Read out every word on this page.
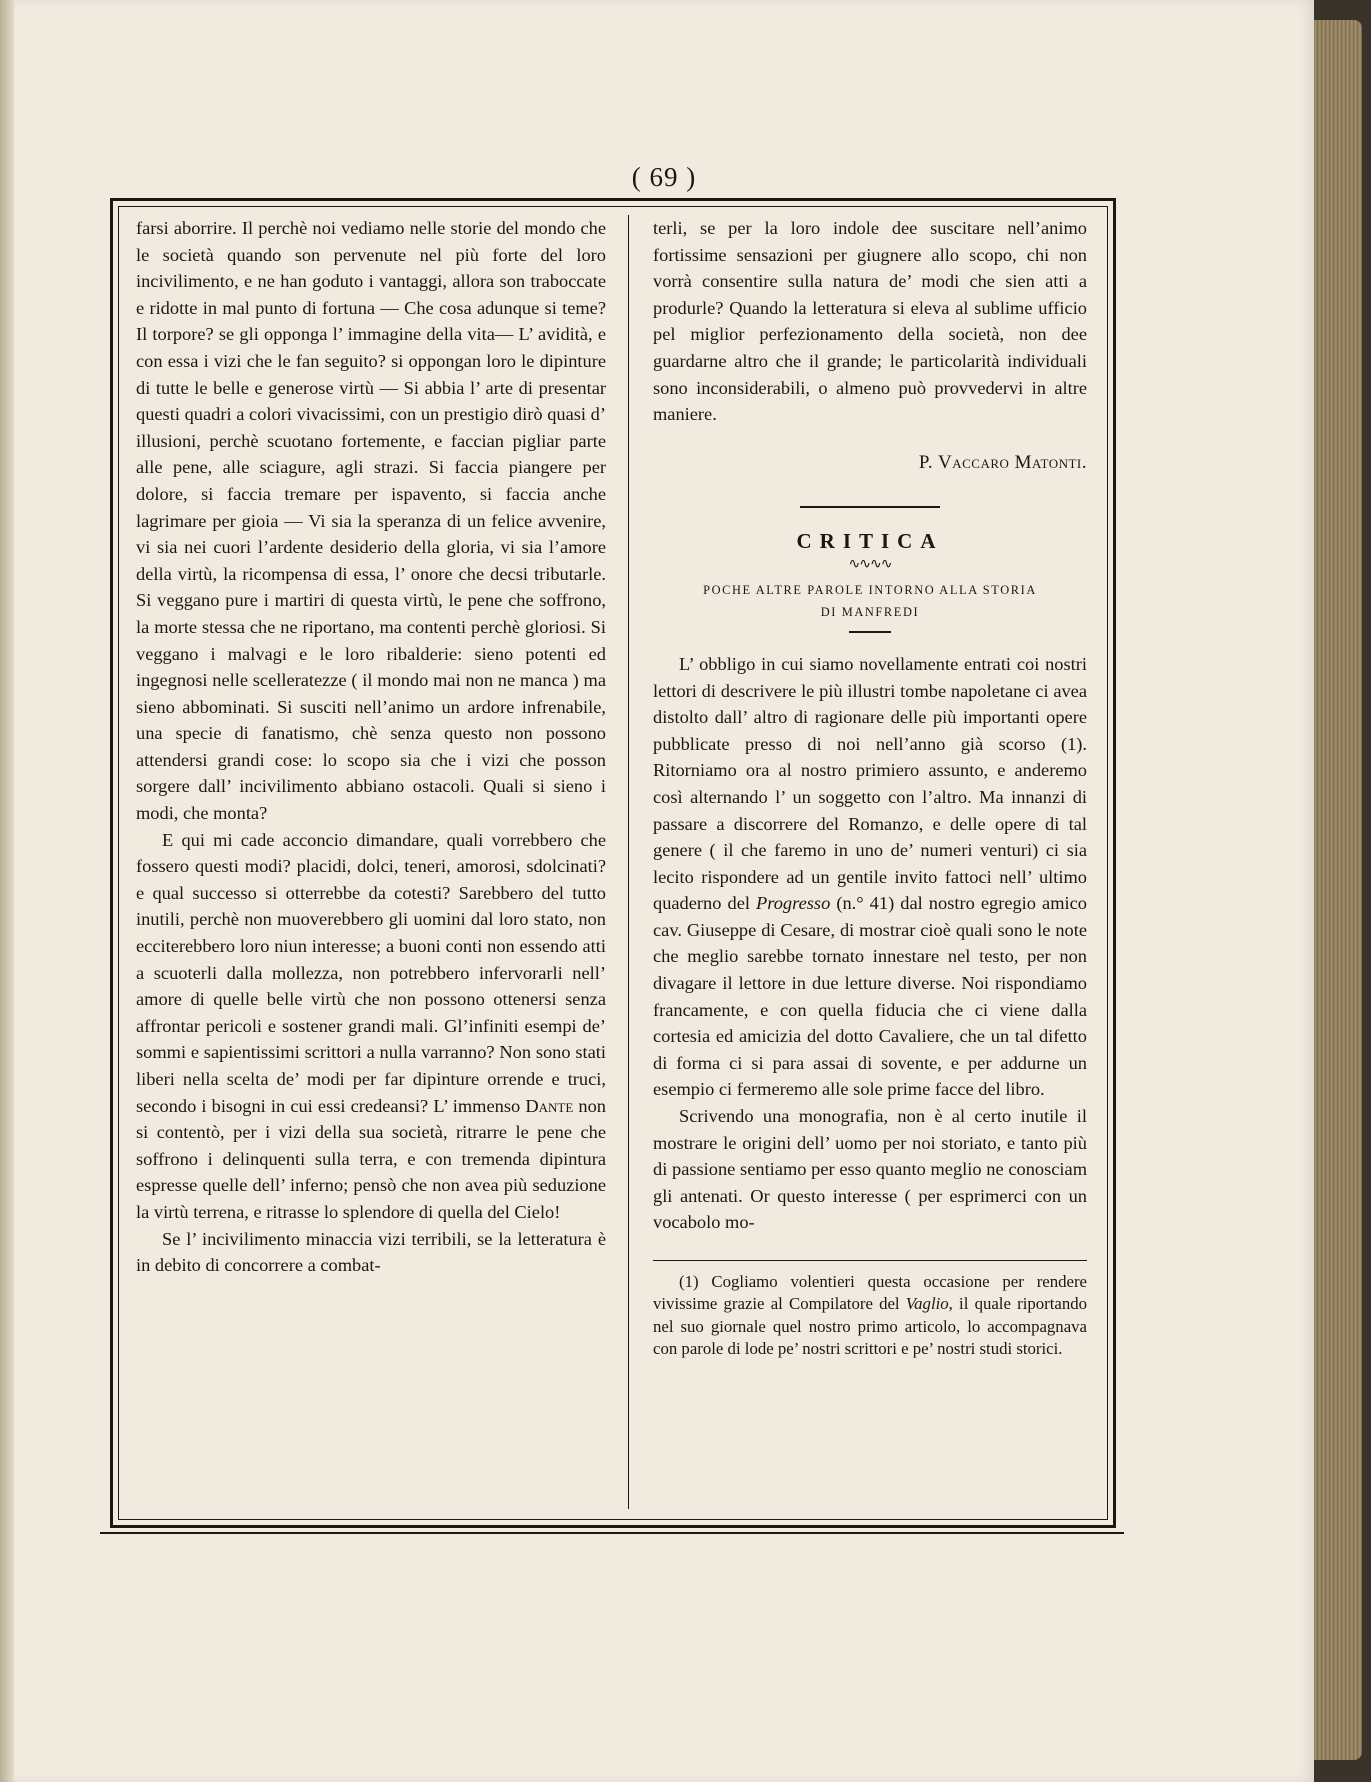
( 69 )

farsi aborrire. Il perchè noi vediamo nelle storie del mondo che le società quando son pervenute nel più forte del loro incivilimento, e ne han goduto i vantaggi, allora son traboccate e ridotte in mal punto di fortuna — Che cosa adunque si teme? Il torpore? se gli opponga l’ immagine della vita— L’ avidità, e con essa i vizi che le fan seguito? si oppongan loro le dipinture di tutte le belle e generose virtù — Si abbia l’ arte di presentar questi quadri a colori vivacissimi, con un prestigio dirò quasi d’ illusioni, perchè scuotano fortemente, e faccian pigliar parte alle pene, alle sciagure, agli strazi. Si faccia piangere per dolore, si faccia tremare per ispavento, si faccia anche lagrimare per gioia — Vi sia la speranza di un felice avvenire, vi sia nei cuori l’ardente desiderio della gloria, vi sia l’amore della virtù, la ricompensa di essa, l’ onore che decsi tributarle. Si veggano pure i martiri di questa virtù, le pene che soffrono, la morte stessa che ne riportano, ma contenti perchè gloriosi. Si veggano i malvagi e le loro ribalderie: sieno potenti ed ingegnosi nelle scelleratezze ( il mondo mai non ne manca ) ma sieno abbominati. Si susciti nell’animo un ardore infrenabile, una specie di fanatismo, chè senza questo non possono attendersi grandi cose: lo scopo sia che i vizi che posson sorgere dall’ incivilimento abbiano ostacoli. Quali si sieno i modi, che monta?

E qui mi cade acconcio dimandare, quali vorrebbero che fossero questi modi? placidi, dolci, teneri, amorosi, sdolcinati? e qual successo si otterrebbe da cotesti? Sarebbero del tutto inutili, perchè non muoverebbero gli uomini dal loro stato, non ecciterebbero loro niun interesse; a buoni conti non essendo atti a scuoterli dalla mollezza, non potrebbero infervorarli nell’ amore di quelle belle virtù che non possono ottenersi senza affrontar pericoli e sostener grandi mali. Gl’infiniti esempi de’ sommi e sapientissimi scrittori a nulla varranno? Non sono stati liberi nella scelta de’ modi per far dipinture orrende e truci, secondo i bisogni in cui essi credeansi? L’ immenso Dante non si contentò, per i vizi della sua società, ritrarre le pene che soffrono i delinquenti sulla terra, e con tremenda dipintura espresse quelle dell’ inferno; pensò che non avea più seduzione la virtù terrena, e ritrasse lo splendore di quella del Cielo!

Se l’ incivilimento minaccia vizi terribili, se la letteratura è in debito di concorrere a combat-

terli, se per la loro indole dee suscitare nell’animo fortissime sensazioni per giugnere allo scopo, chi non vorrà consentire sulla natura de’ modi che sien atti a produrle? Quando la letteratura si eleva al sublime ufficio pel miglior perfezionamento della società, non dee guardarne altro che il grande; le particolarità individuali sono inconsiderabili, o almeno può provvedervi in altre maniere.

P. Vaccaro Matonti.
CRITICA
∿∿∿∿
POCHE ALTRE PAROLE INTORNO ALLA STORIA
DI MANFREDI

L’ obbligo in cui siamo novellamente entrati coi nostri lettori di descrivere le più illustri tombe napoletane ci avea distolto dall’ altro di ragionare delle più importanti opere pubblicate presso di noi nell’anno già scorso (1). Ritorniamo ora al nostro primiero assunto, e anderemo così alternando l’ un soggetto con l’altro. Ma innanzi di passare a discorrere del Romanzo, e delle opere di tal genere ( il che faremo in uno de’ numeri venturi) ci sia lecito rispondere ad un gentile invito fattoci nell’ ultimo quaderno del Progresso (n.° 41) dal nostro egregio amico cav. Giuseppe di Cesare, di mostrar cioè quali sono le note che meglio sarebbe tornato innestare nel testo, per non divagare il lettore in due letture diverse. Noi rispondiamo francamente, e con quella fiducia che ci viene dalla cortesia ed amicizia del dotto Cavaliere, che un tal difetto di forma ci si para assai di sovente, e per addurne un esempio ci fermeremo alle sole prime facce del libro.

Scrivendo una monografia, non è al certo inutile il mostrare le origini dell’ uomo per noi storiato, e tanto più di passione sentiamo per esso quanto meglio ne conosciam gli antenati. Or questo interesse ( per esprimerci con un vocabolo mo-

(1) Cogliamo volentieri questa occasione per rendere vivissime grazie al Compilatore del Vaglio, il quale riportando nel suo giornale quel nostro primo articolo, lo accompagnava con parole di lode pe’ nostri scrittori e pe’ nostri studi storici.
